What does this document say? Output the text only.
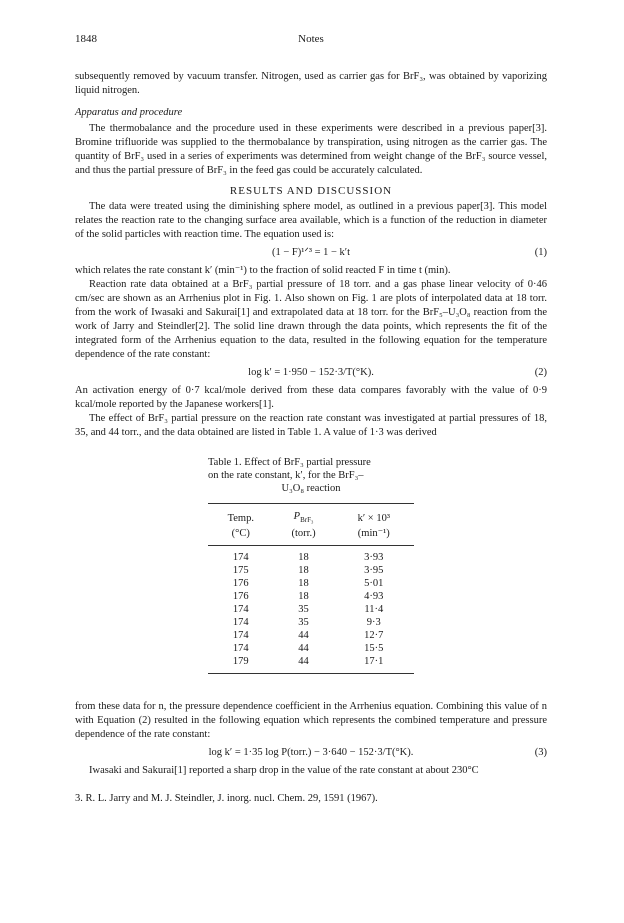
1848	Notes

subsequently removed by vacuum transfer. Nitrogen, used as carrier gas for BrF₃, was obtained by vaporizing liquid nitrogen.

Apparatus and procedure

The thermobalance and the procedure used in these experiments were described in a previous paper[3]. Bromine trifluoride was supplied to the thermobalance by transpiration, using nitrogen as the carrier gas. The quantity of BrF₃ used in a series of experiments was determined from weight change of the BrF₃ source vessel, and thus the partial pressure of BrF₃ in the feed gas could be accurately calculated.

RESULTS AND DISCUSSION

The data were treated using the diminishing sphere model, as outlined in a previous paper[3]. This model relates the reaction rate to the changing surface area available, which is a function of the reduction in diameter of the solid particles with reaction time. The equation used is:

(1 − F)¹ᐟ³ = 1 − k′t	(1)

which relates the rate constant k′ (min⁻¹) to the fraction of solid reacted F in time t (min).

Reaction rate data obtained at a BrF₃ partial pressure of 18 torr. and a gas phase linear velocity of 0·46 cm/sec are shown as an Arrhenius plot in Fig. 1. Also shown on Fig. 1 are plots of interpolated data at 18 torr. from the work of Iwasaki and Sakurai[1] and extrapolated data at 18 torr. for the BrF₅–U₃O₈ reaction from the work of Jarry and Steindler[2]. The solid line drawn through the data points, which represents the fit of the integrated form of the Arrhenius equation to the data, resulted in the following equation for the temperature dependence of the rate constant:

log k′ = 1·950 − 152·3/T(°K).	(2)

An activation energy of 0·7 kcal/mole derived from these data compares favorably with the value of 0·9 kcal/mole reported by the Japanese workers[1].

The effect of BrF₃ partial pressure on the reaction rate constant was investigated at partial pressures of 18, 35, and 44 torr., and the data obtained are listed in Table 1. A value of 1·3 was derived

Table 1. Effect of BrF₃ partial pressure
on the rate constant, k′, for the BrF₃–
U₃O₈ reaction
Temp.	$P_{BrF_3}$	k′ × 10³
(°C)	(torr.)	(min⁻¹)
174	18	3·93
175	18	3·95
176	18	5·01
176	18	4·93
174	35	11·4
174	35	9·3
174	44	12·7
174	44	15·5
179	44	17·1

from these data for n, the pressure dependence coefficient in the Arrhenius equation. Combining this value of n with Equation (2) resulted in the following equation which represents the combined temperature and pressure dependence of the rate constant:

log k′ = 1·35 log P(torr.) − 3·640 − 152·3/T(°K).	(3)

Iwasaki and Sakurai[1] reported a sharp drop in the value of the rate constant at about 230°C

3. R. L. Jarry and M. J. Steindler, J. inorg. nucl. Chem. 29, 1591 (1967).
